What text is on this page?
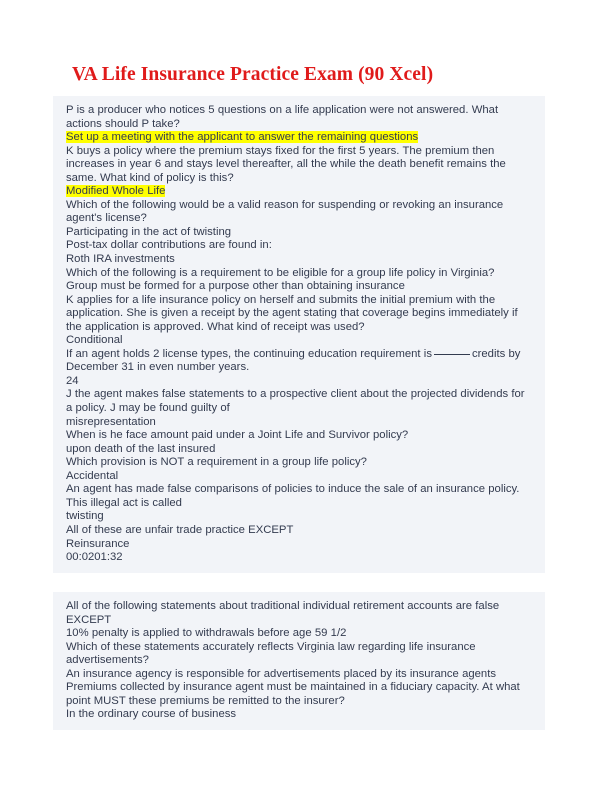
VA Life Insurance Practice Exam (90 Xcel)
P is a producer who notices 5 questions on a life application were not answered. What actions should P take?
Set up a meeting with the applicant to answer the remaining questions
K buys a policy where the premium stays fixed for the first 5 years. The premium then increases in year 6 and stays level thereafter, all the while the death benefit remains the same. What kind of policy is this?
Modified Whole Life
Which of the following would be a valid reason for suspending or revoking an insurance agent's license?
Participating in the act of twisting
Post-tax dollar contributions are found in:
Roth IRA investments
Which of the following is a requirement to be eligible for a group life policy in Virginia?
Group must be formed for a purpose other than obtaining insurance
K applies for a life insurance policy on herself and submits the initial premium with the application. She is given a receipt by the agent stating that coverage begins immediately if the application is approved. What kind of receipt was used?
Conditional
If an agent holds 2 license types, the continuing education requirement is	credits by December 31 in even number years.
24
J the agent makes false statements to a prospective client about the projected dividends for a policy. J may be found guilty of
misrepresentation
When is he face amount paid under a Joint Life and Survivor policy?
upon death of the last insured
Which provision is NOT a requirement in a group life policy?
Accidental
An agent has made false comparisons of policies to induce the sale of an insurance policy. This illegal act is called
twisting
All of these are unfair trade practice EXCEPT
Reinsurance
00:0201:32
All of the following statements about traditional individual retirement accounts are false EXCEPT
10% penalty is applied to withdrawals before age 59 1/2
Which of these statements accurately reflects Virginia law regarding life insurance advertisements?
An insurance agency is responsible for advertisements placed by its insurance agents
Premiums collected by insurance agent must be maintained in a fiduciary capacity. At what point MUST these premiums be remitted to the insurer?
In the ordinary course of business
